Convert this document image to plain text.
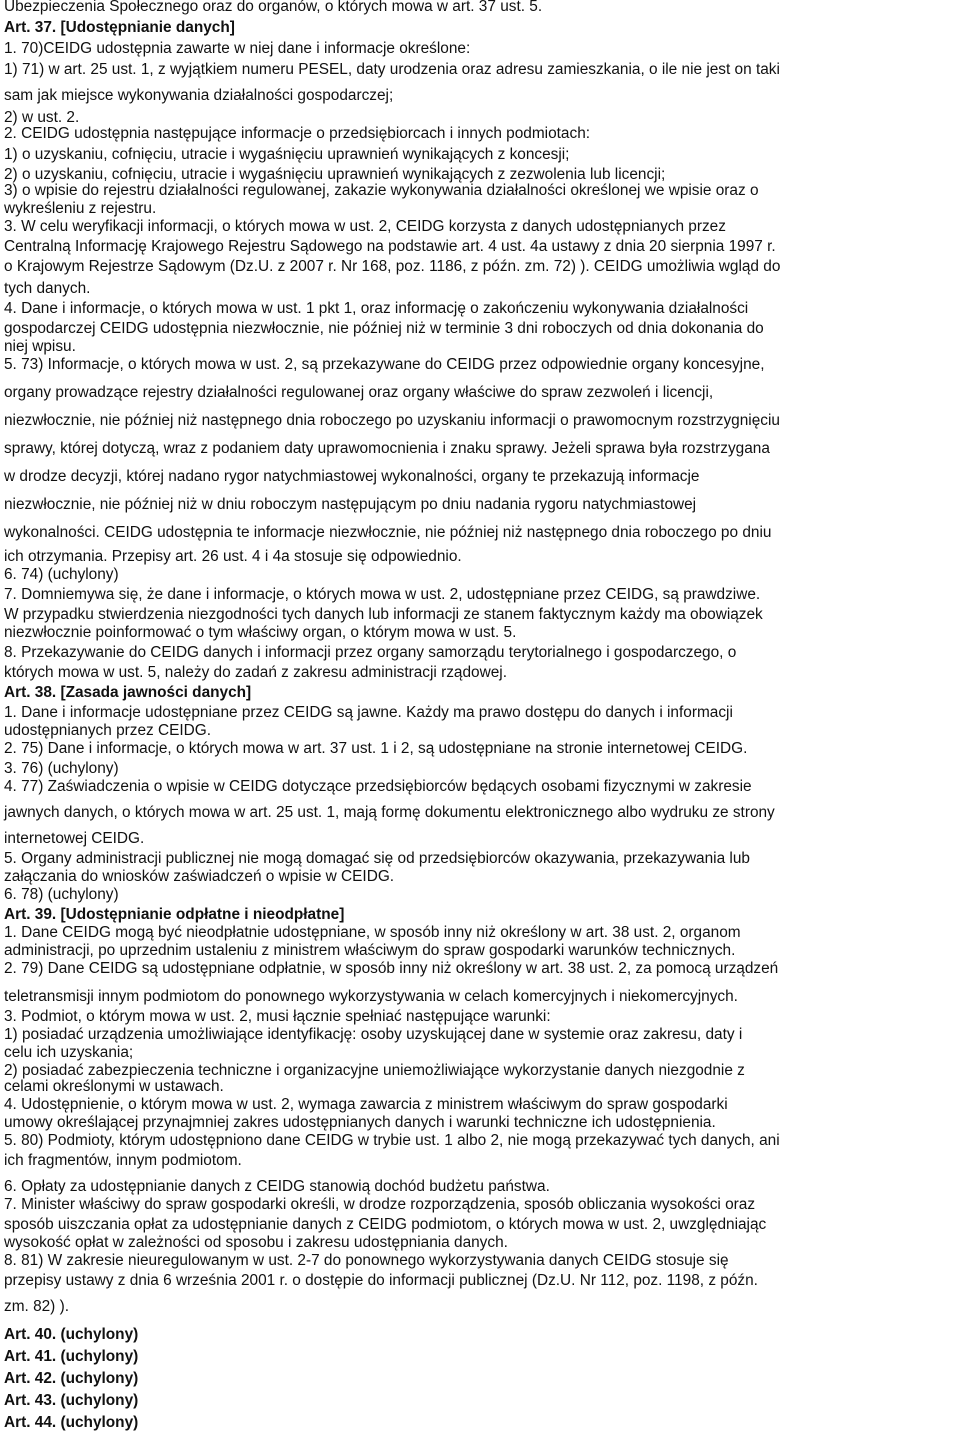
Ubezpieczenia Społecznego oraz do organów, o których mowa w art. 37 ust. 5.

Art. 37. [Udostępnianie danych]

1. 70)CEIDG udostępnia zawarte w niej dane i informacje określone:

1) 71) w art. 25 ust. 1, z wyjątkiem numeru PESEL, daty urodzenia oraz adresu zamieszkania, o ile nie jest on taki

sam jak miejsce wykonywania działalności gospodarczej;

2) w ust. 2.

2. CEIDG udostępnia następujące informacje o przedsiębiorcach i innych podmiotach:

1) o uzyskaniu, cofnięciu, utracie i wygaśnięciu uprawnień wynikających z koncesji;

2) o uzyskaniu, cofnięciu, utracie i wygaśnięciu uprawnień wynikających z zezwolenia lub licencji;

3) o wpisie do rejestru działalności regulowanej, zakazie wykonywania działalności określonej we wpisie oraz o

wykreśleniu z rejestru.

3. W celu weryfikacji informacji, o których mowa w ust. 2, CEIDG korzysta z danych udostępnianych przez

Centralną Informację Krajowego Rejestru Sądowego na podstawie art. 4 ust. 4a ustawy z dnia 20 sierpnia 1997 r.

o Krajowym Rejestrze Sądowym (Dz.U. z 2007 r. Nr 168, poz. 1186, z późn. zm. 72) ). CEIDG umożliwia wgląd do

tych danych.

4. Dane i informacje, o których mowa w ust. 1 pkt 1, oraz informację o zakończeniu wykonywania działalności

gospodarczej CEIDG udostępnia niezwłocznie, nie później niż w terminie 3 dni roboczych od dnia dokonania do

niej wpisu.

5. 73) Informacje, o których mowa w ust. 2, są przekazywane do CEIDG przez odpowiednie organy koncesyjne,

organy prowadzące rejestry działalności regulowanej oraz organy właściwe do spraw zezwoleń i licencji,

niezwłocznie, nie później niż następnego dnia roboczego po uzyskaniu informacji o prawomocnym rozstrzygnięciu

sprawy, której dotyczą, wraz z podaniem daty uprawomocnienia i znaku sprawy. Jeżeli sprawa była rozstrzygana

w drodze decyzji, której nadano rygor natychmiastowej wykonalności, organy te przekazują informacje

niezwłocznie, nie później niż w dniu roboczym następującym po dniu nadania rygoru natychmiastowej

wykonalności. CEIDG udostępnia te informacje niezwłocznie, nie później niż następnego dnia roboczego po dniu

ich otrzymania. Przepisy art. 26 ust. 4 i 4a stosuje się odpowiednio.

6. 74) (uchylony)

7. Domniemywa się, że dane i informacje, o których mowa w ust. 2, udostępniane przez CEIDG, są prawdziwe.

W przypadku stwierdzenia niezgodności tych danych lub informacji ze stanem faktycznym każdy ma obowiązek

niezwłocznie poinformować o tym właściwy organ, o którym mowa w ust. 5.

8. Przekazywanie do CEIDG danych i informacji przez organy samorządu terytorialnego i gospodarczego, o

których mowa w ust. 5, należy do zadań z zakresu administracji rządowej.

Art. 38. [Zasada jawności danych]

1. Dane i informacje udostępniane przez CEIDG są jawne. Każdy ma prawo dostępu do danych i informacji

udostępnianych przez CEIDG.

2. 75) Dane i informacje, o których mowa w art. 37 ust. 1 i 2, są udostępniane na stronie internetowej CEIDG.

3. 76) (uchylony)

4. 77) Zaświadczenia o wpisie w CEIDG dotyczące przedsiębiorców będących osobami fizycznymi w zakresie

jawnych danych, o których mowa w art. 25 ust. 1, mają formę dokumentu elektronicznego albo wydruku ze strony

internetowej CEIDG.

5. Organy administracji publicznej nie mogą domagać się od przedsiębiorców okazywania, przekazywania lub

załączania do wniosków zaświadczeń o wpisie w CEIDG.

6. 78) (uchylony)

Art. 39. [Udostępnianie odpłatne i nieodpłatne]

1. Dane CEIDG mogą być nieodpłatnie udostępniane, w sposób inny niż określony w art. 38 ust. 2, organom

administracji, po uprzednim ustaleniu z ministrem właściwym do spraw gospodarki warunków technicznych.

2. 79) Dane CEIDG są udostępniane odpłatnie, w sposób inny niż określony w art. 38 ust. 2, za pomocą urządzeń

teletransmisji innym podmiotom do ponownego wykorzystywania w celach komercyjnych i niekomercyjnych.

3. Podmiot, o którym mowa w ust. 2, musi łącznie spełniać następujące warunki:

1) posiadać urządzenia umożliwiające identyfikację: osoby uzyskującej dane w systemie oraz zakresu, daty i

celu ich uzyskania;

2) posiadać zabezpieczenia techniczne i organizacyjne uniemożliwiające wykorzystanie danych niezgodnie z

celami określonymi w ustawach.

4. Udostępnienie, o którym mowa w ust. 2, wymaga zawarcia z ministrem właściwym do spraw gospodarki

umowy określającej przynajmniej zakres udostępnianych danych i warunki techniczne ich udostępnienia.

5. 80) Podmioty, którym udostępniono dane CEIDG w trybie ust. 1 albo 2, nie mogą przekazywać tych danych, ani

ich fragmentów, innym podmiotom.

6. Opłaty za udostępnianie danych z CEIDG stanowią dochód budżetu państwa.

7. Minister właściwy do spraw gospodarki określi, w drodze rozporządzenia, sposób obliczania wysokości oraz

sposób uiszczania opłat za udostępnianie danych z CEIDG podmiotom, o których mowa w ust. 2, uwzględniając

wysokość opłat w zależności od sposobu i zakresu udostępniania danych.

8. 81) W zakresie nieuregulowanym w ust. 2-7 do ponownego wykorzystywania danych CEIDG stosuje się

przepisy ustawy z dnia 6 września 2001 r. o dostępie do informacji publicznej (Dz.U. Nr 112, poz. 1198, z późn.

zm. 82) ).

Art. 40. (uchylony)

Art. 41. (uchylony)

Art. 42. (uchylony)

Art. 43. (uchylony)

Art. 44. (uchylony)
